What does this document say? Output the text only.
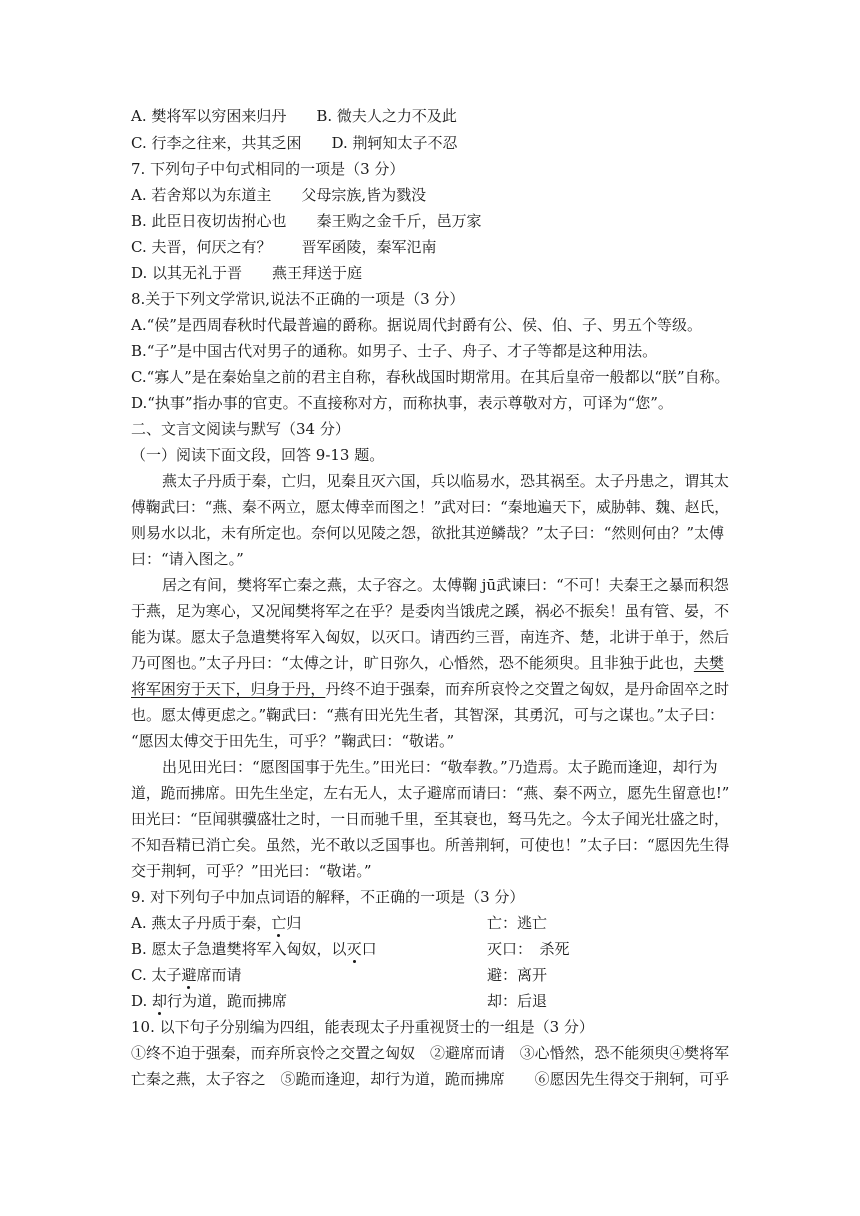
A. 樊将军以穷困来归丹　　B. 微夫人之力不及此
C. 行李之往来，共其乏困　　D. 荆轲知太子不忍
7. 下列句子中句式相同的一项是（3 分）
A. 若舍郑以为东道主　　父母宗族,皆为戮没
B. 此臣日夜切齿拊心也　　秦王购之金千斤，邑万家
C. 夫晋，何厌之有？　　晋军函陵，秦军氾南
D. 以其无礼于晋　　燕王拜送于庭
8.关于下列文学常识,说法不正确的一项是（3 分）
A.“侯”是西周春秋时代最普遍的爵称。据说周代封爵有公、侯、伯、子、男五个等级。
B.“子”是中国古代对男子的通称。如男子、士子、舟子、才子等都是这种用法。
C.“寡人”是在秦始皇之前的君主自称，春秋战国时期常用。在其后皇帝一般都以“朕”自称。
D.“执事”指办事的官吏。不直接称对方，而称执事，表示尊敬对方，可译为“您”。
二、文言文阅读与默写（34 分）
（一）阅读下面文段，回答 9-13 题。
燕太子丹质于秦，亡归，见秦且灭六国，兵以临易水，恐其祸至。太子丹患之，谓其太
傅鞠武曰：“燕、秦不两立，愿太傅幸而图之！”武对曰：“秦地遍天下，威胁韩、魏、赵氏，
则易水以北，未有所定也。奈何以见陵之怨，欲批其逆鳞哉？”太子曰：“然则何由？”太傅
曰：“请入图之。”
居之有间，樊将军亡秦之燕，太子容之。太傅鞠 jū武谏曰：“不可！夫秦王之暴而积怨
于燕，足为寒心，又况闻樊将军之在乎？是委肉当饿虎之蹊，祸必不振矣！虽有管、晏，不
能为谋。愿太子急遣樊将军入匈奴，以灭口。请西约三晋，南连齐、楚，北讲于单于，然后
乃可图也。”太子丹曰：“太傅之计，旷日弥久，心惛然，恐不能须臾。且非独于此也，夫樊
将军困穷于天下，归身于丹，丹终不迫于强秦，而弃所哀怜之交置之匈奴，是丹命固卒之时
也。愿太傅更虑之。”鞠武曰：“燕有田光先生者，其智深，其勇沉，可与之谋也。”太子曰：
“愿因太傅交于田先生，可乎？”鞠武曰：“敬诺。”
出见田光曰：“愿图国事于先生。”田光曰：“敬奉教。”乃造焉。太子跪而逢迎，却行为
道，跪而拂席。田先生坐定，左右无人，太子避席而请曰：“燕、秦不两立，愿先生留意也!”
田光曰：“臣闻骐骥盛壮之时，一日而驰千里，至其衰也，驽马先之。今太子闻光壮盛之时，
不知吾精已消亡矣。虽然，光不敢以乏国事也。所善荆轲，可使也！”太子曰：“愿因先生得
交于荆轲，可乎？”田光曰：“敬诺。”
9. 对下列句子中加点词语的解释，不正确的一项是（3 分）
A. 燕太子丹质于秦，亡归	亡：逃亡
B. 愿太子急遣樊将军入匈奴，以灭口	灭口：　杀死
C. 太子避席而请	避：离开
D. 却行为道，跪而拂席	却：后退
10. 以下句子分别编为四组，能表现太子丹重视贤士的一组是（3 分）
①终不迫于强秦，而弃所哀怜之交置之匈奴　②避席而请　③心惛然，恐不能须臾④樊将军
亡秦之燕，太子容之　⑤跪而逢迎，却行为道，跪而拂席　　⑥愿因先生得交于荆轲，可乎
